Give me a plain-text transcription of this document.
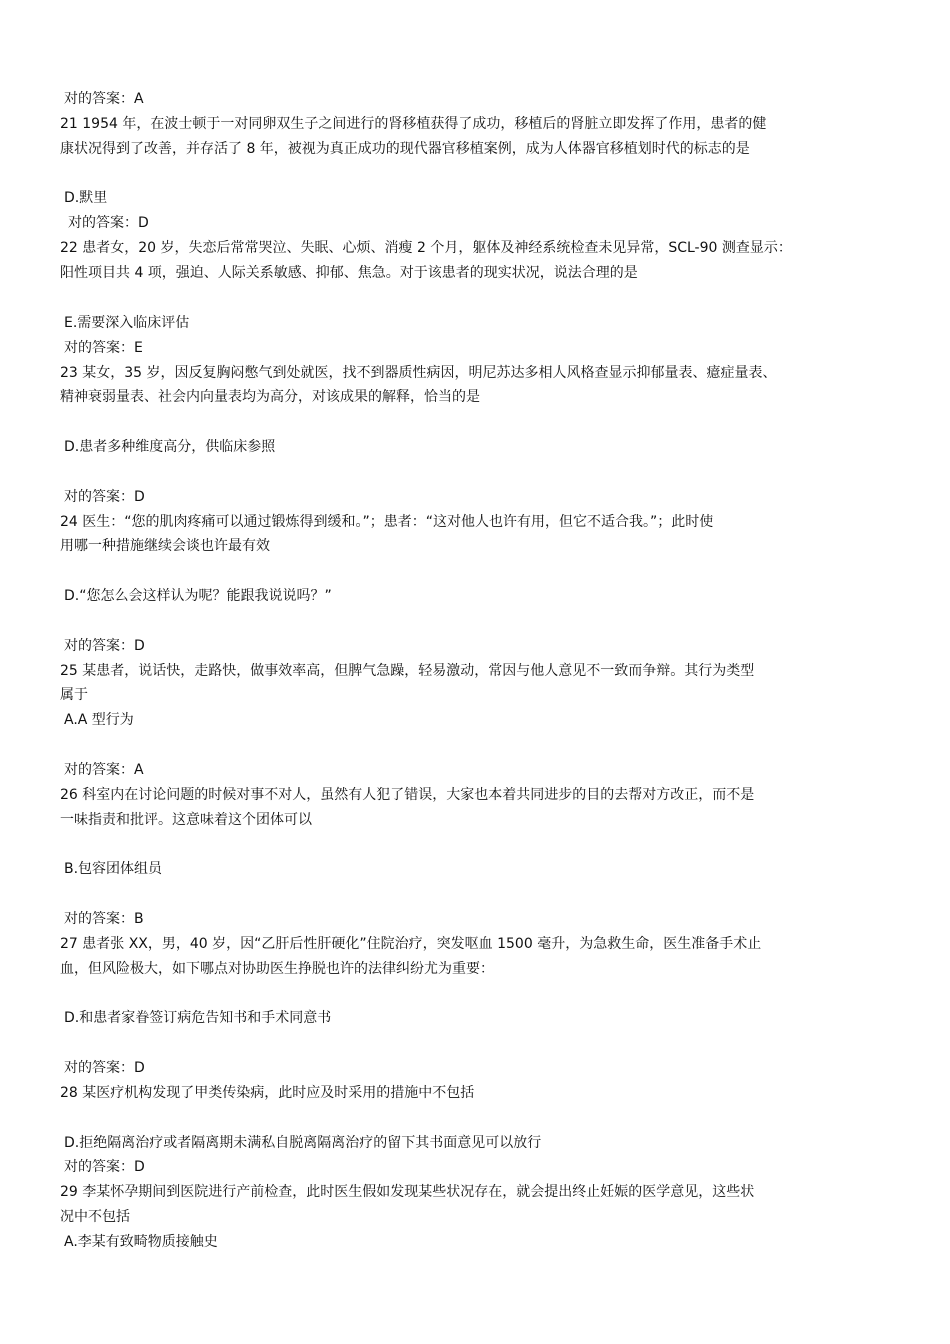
对的答案：A
21 1954 年，在波士顿于一对同卵双生子之间进行的肾移植获得了成功，移植后的肾脏立即发挥了作用，患者的健
康状况得到了改善，并存活了 8 年，被视为真正成功的现代器官移植案例，成为人体器官移植划时代的标志的是
D.默里
对的答案：D
22 患者女，20 岁，失恋后常常哭泣、失眠、心烦、消瘦 2 个月，躯体及神经系统检查未见异常，SCL-90 测查显示：
阳性项目共 4 项，强迫、人际关系敏感、抑郁、焦急。对于该患者的现实状况，说法合理的是
E.需要深入临床评估
对的答案：E
23 某女，35 岁，因反复胸闷憋气到处就医，找不到器质性病因，明尼苏达多相人风格查显示抑郁量表、癔症量表、
精神衰弱量表、社会内向量表均为高分，对该成果的解释，恰当的是
D.患者多种维度高分，供临床参照
对的答案：D
24 医生：“您的肌肉疼痛可以通过锻炼得到缓和。”；患者：“这对他人也许有用，但它不适合我。”；此时使
用哪一种措施继续会谈也许最有效
D.“您怎么会这样认为呢？能跟我说说吗？”
对的答案：D
25 某患者，说话快，走路快，做事效率高，但脾气急躁，轻易激动，常因与他人意见不一致而争辩。其行为类型
属于
A.A 型行为
对的答案：A
26 科室内在讨论问题的时候对事不对人，虽然有人犯了错误，大家也本着共同进步的目的去帮对方改正，而不是
一味指责和批评。这意味着这个团体可以
B.包容团体组员
对的答案：B
27 患者张 XX，男，40 岁，因“乙肝后性肝硬化”住院治疗，突发呕血 1500 毫升，为急救生命，医生准备手术止
血，但风险极大，如下哪点对协助医生挣脱也许的法律纠纷尤为重要：
D.和患者家眷签订病危告知书和手术同意书
对的答案：D
28 某医疗机构发现了甲类传染病，此时应及时采用的措施中不包括
D.拒绝隔离治疗或者隔离期未满私自脱离隔离治疗的留下其书面意见可以放行
对的答案：D
29 李某怀孕期间到医院进行产前检查，此时医生假如发现某些状况存在，就会提出终止妊娠的医学意见，这些状
况中不包括
A.李某有致畸物质接触史
